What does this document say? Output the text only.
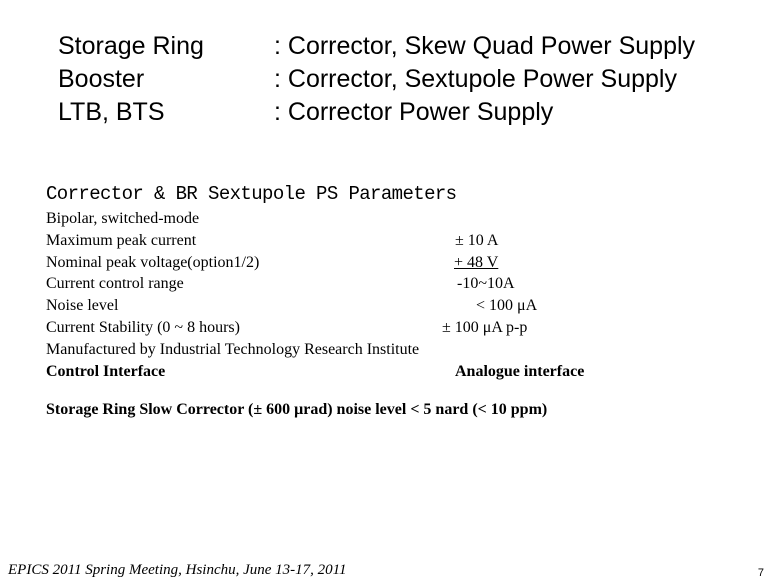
Storage Ring	: Corrector, Skew Quad Power Supply
Booster	: Corrector, Sextupole Power Supply
LTB, BTS	: Corrector Power Supply
Corrector & BR Sextupole PS Parameters
Bipolar, switched-mode
Maximum peak current	± 10 A
Nominal peak voltage(option1/2)	+ 48 V
Current control range	-10~10A
Noise level	< 100 μA
Current Stability (0 ~ 8 hours)	± 100 μA p-p
Manufactured by Industrial Technology Research Institute
Control Interface	Analogue interface
Storage Ring Slow Corrector (± 600 μrad) noise level < 5 nard (< 10 ppm)
EPICS 2011 Spring Meeting, Hsinchu, June 13-17, 2011	7
